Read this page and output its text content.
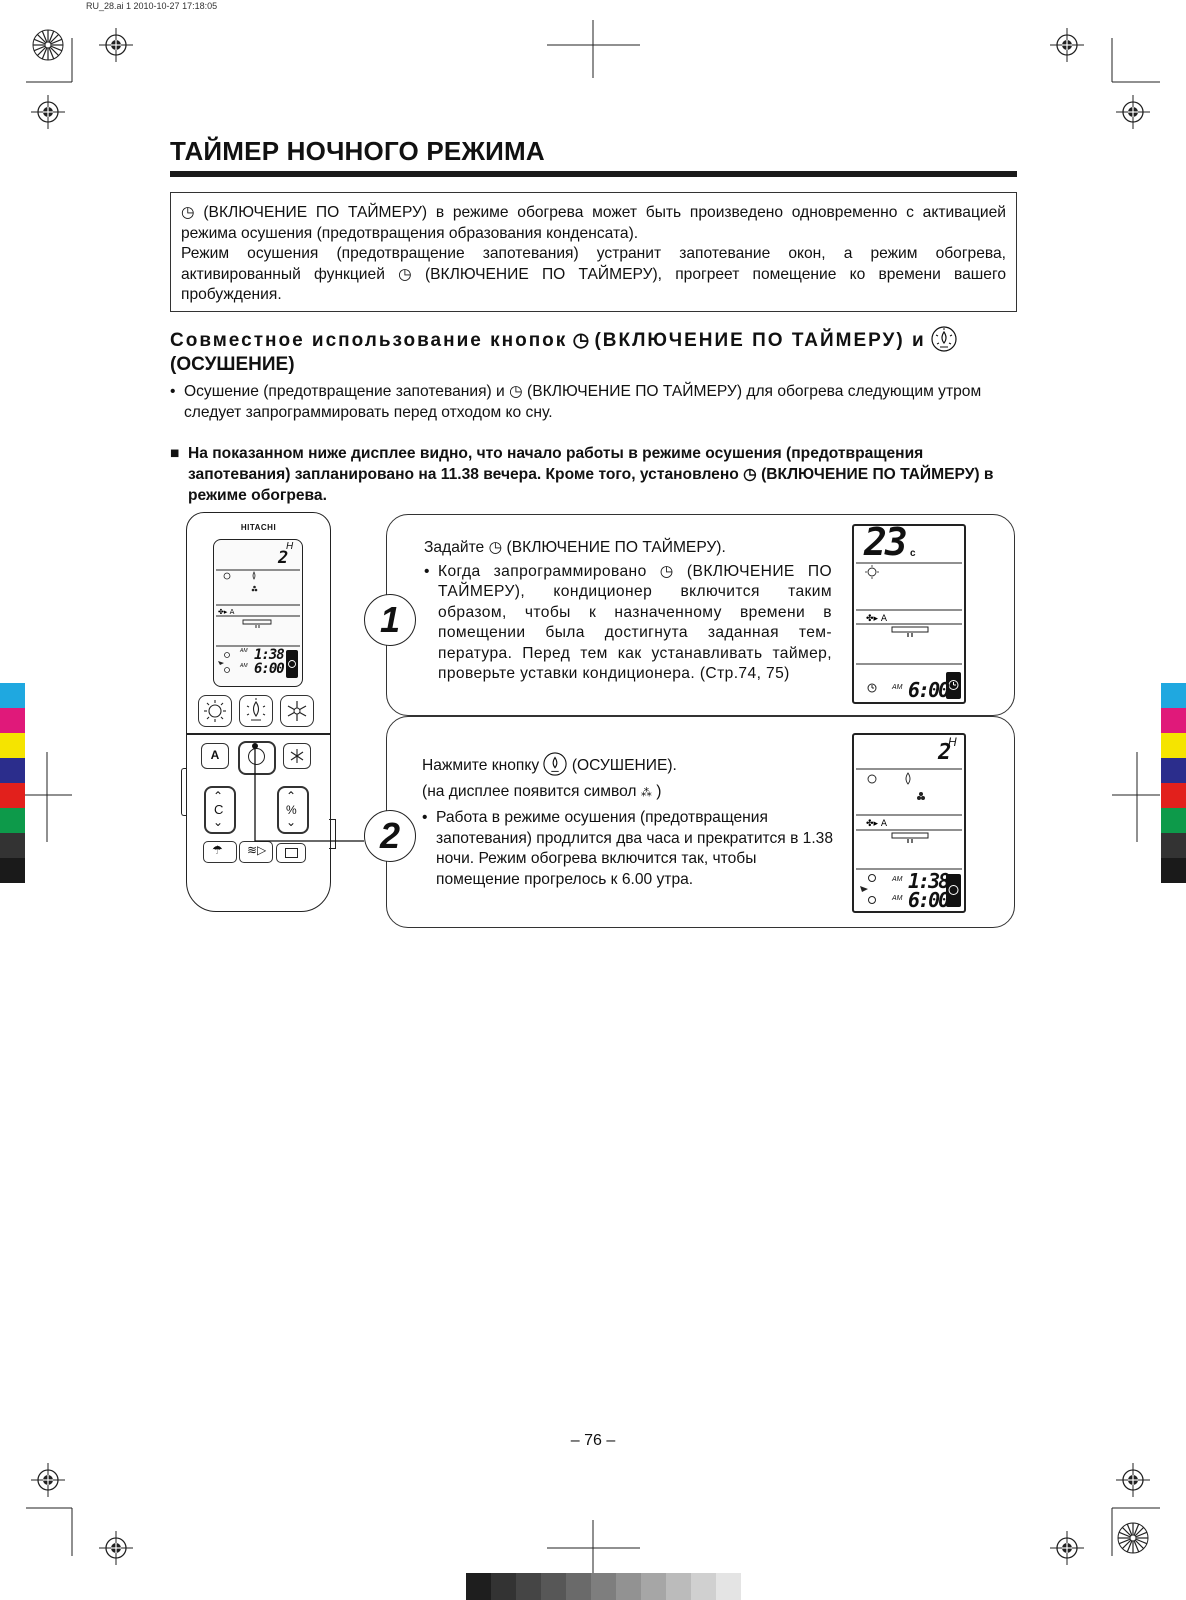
RU_28.ai 1 2010-10-27 17:18:05
ТАЙМЕР НОЧНОГО РЕЖИМА

◷ (ВКЛЮЧЕНИЕ ПО ТАЙМЕРУ) в режиме обогрева может быть произведено одновременно с активацией режима осушения (предотвращения образования конденсата).

Режим осушения (предотвращение запотевания) устранит запотевание окон, а режим обогрева, активированный функцией ◷ (ВКЛЮЧЕНИЕ ПО ТАЙМЕРУ), прогреет помещение ко времени вашего пробуждения.

Совместное использование кнопок ◷ (ВКЛЮЧЕНИЕ ПО ТАЙМЕРУ) и
(ОСУШЕНИЕ)
• Осушение (предотвращение запотевания) и ◷ (ВКЛЮЧЕНИЕ ПО ТАЙМЕРУ) для обогрева следующим утром следует запрограммировать перед отходом ко сну.
■ На показанном ниже дисплее видно, что начало работы в режиме осушения (предотвращения запотевания) запланировано на 11.38 вечера. Кроме того, установлено ◷ (ВКЛЮЧЕНИЕ ПО ТАЙМЕРУ) в режиме обогрева.
HITACHI
H
2
✤▸ A
AM
AM
1:38
6:00
A
⌃
C
⌄
⌃
%
⌄
☂ ≋▷
1
Задайте ◷ (ВКЛЮЧЕНИЕ ПО ТАЙМЕРУ).
• Когда запрограммировано ◷ (ВКЛЮЧЕНИЕ ПО ТАЙМЕРУ), кондиционер включится таким образом, чтобы к назначенному времени в помещении была достигнута заданная тем-пература. Перед тем как устанавливать таймер, проверьте уставки кондиционера. (Стр.74, 75)
23 c
✤▸ A
AM 6:00
2
Нажмите кнопку (ОСУШЕНИЕ).
(на дисплее появится символ ⁂ )
• Работа в режиме осушения (предотвращения запотевания) продлится два часа и прекратится в 1.38 ночи. Режим обогрева включится так, чтобы помещение прогрелось к 6.00 утра.
H
2
✤▸ A
AM
AM
1:38
6:00
– 76 –
